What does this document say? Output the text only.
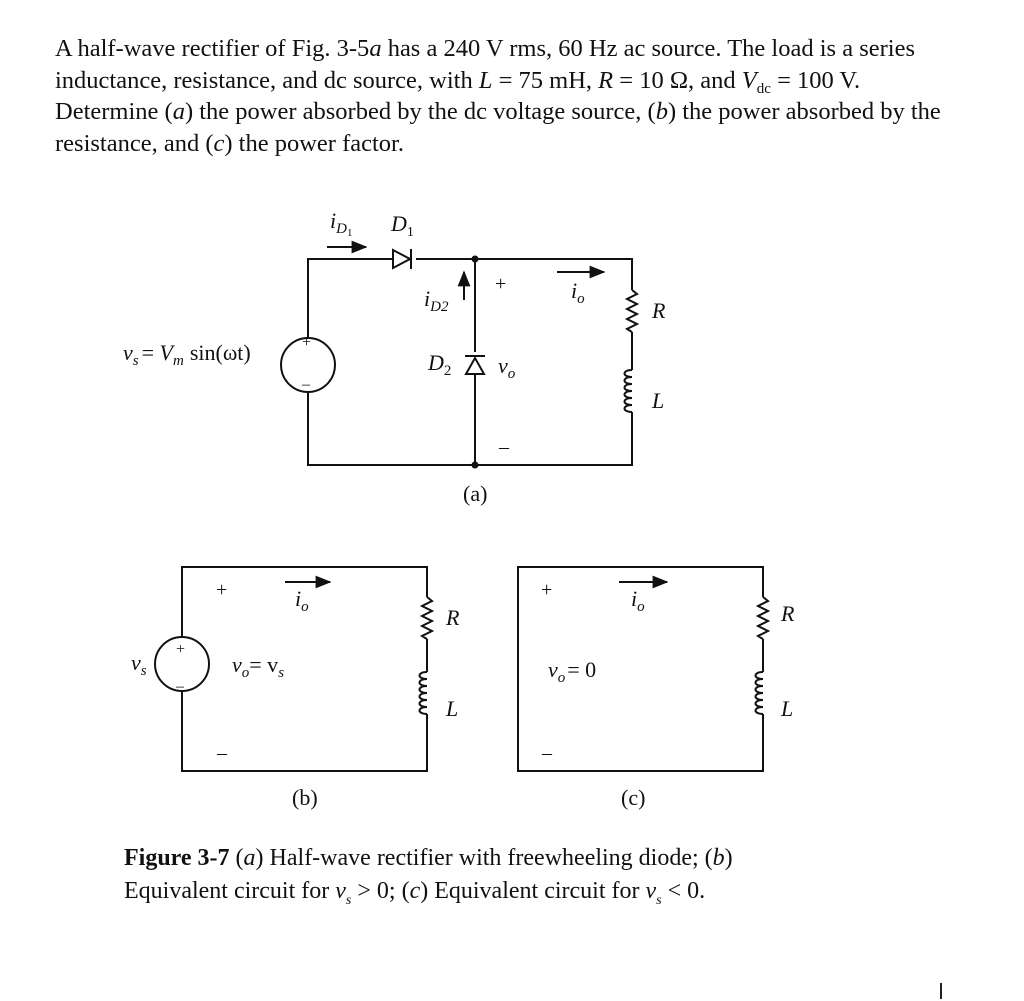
A half-wave rectifier of Fig. 3-5a has a 240 V rms, 60 Hz ac source. The load is a series inductance, resistance, and dc source, with L = 75 mH, R = 10 Ω, and $V_{dc} = 100$ V. Determine (a) the power absorbed by the dc voltage source, (b) the power absorbed by the resistance, and (c) the power factor.
+
–
$v_s = V_m$ sin(ωt)
$i_D1$ $D_1$
$i_{D2}$
$D_2$
+
$v_o$
–
$i_o$	R
L
(a)
+
–
$v_s$
+
–
$v_o= v_s$
$i_o$	R
L
(b)
+
–
$v_o= 0$
$i_o$	R
L
(c)
Figure 3-7 (a) Half-wave rectifier with freewheeling diode; (b) Equivalent circuit for $v_s > 0$; (c) Equivalent circuit for $v_s < 0$.
